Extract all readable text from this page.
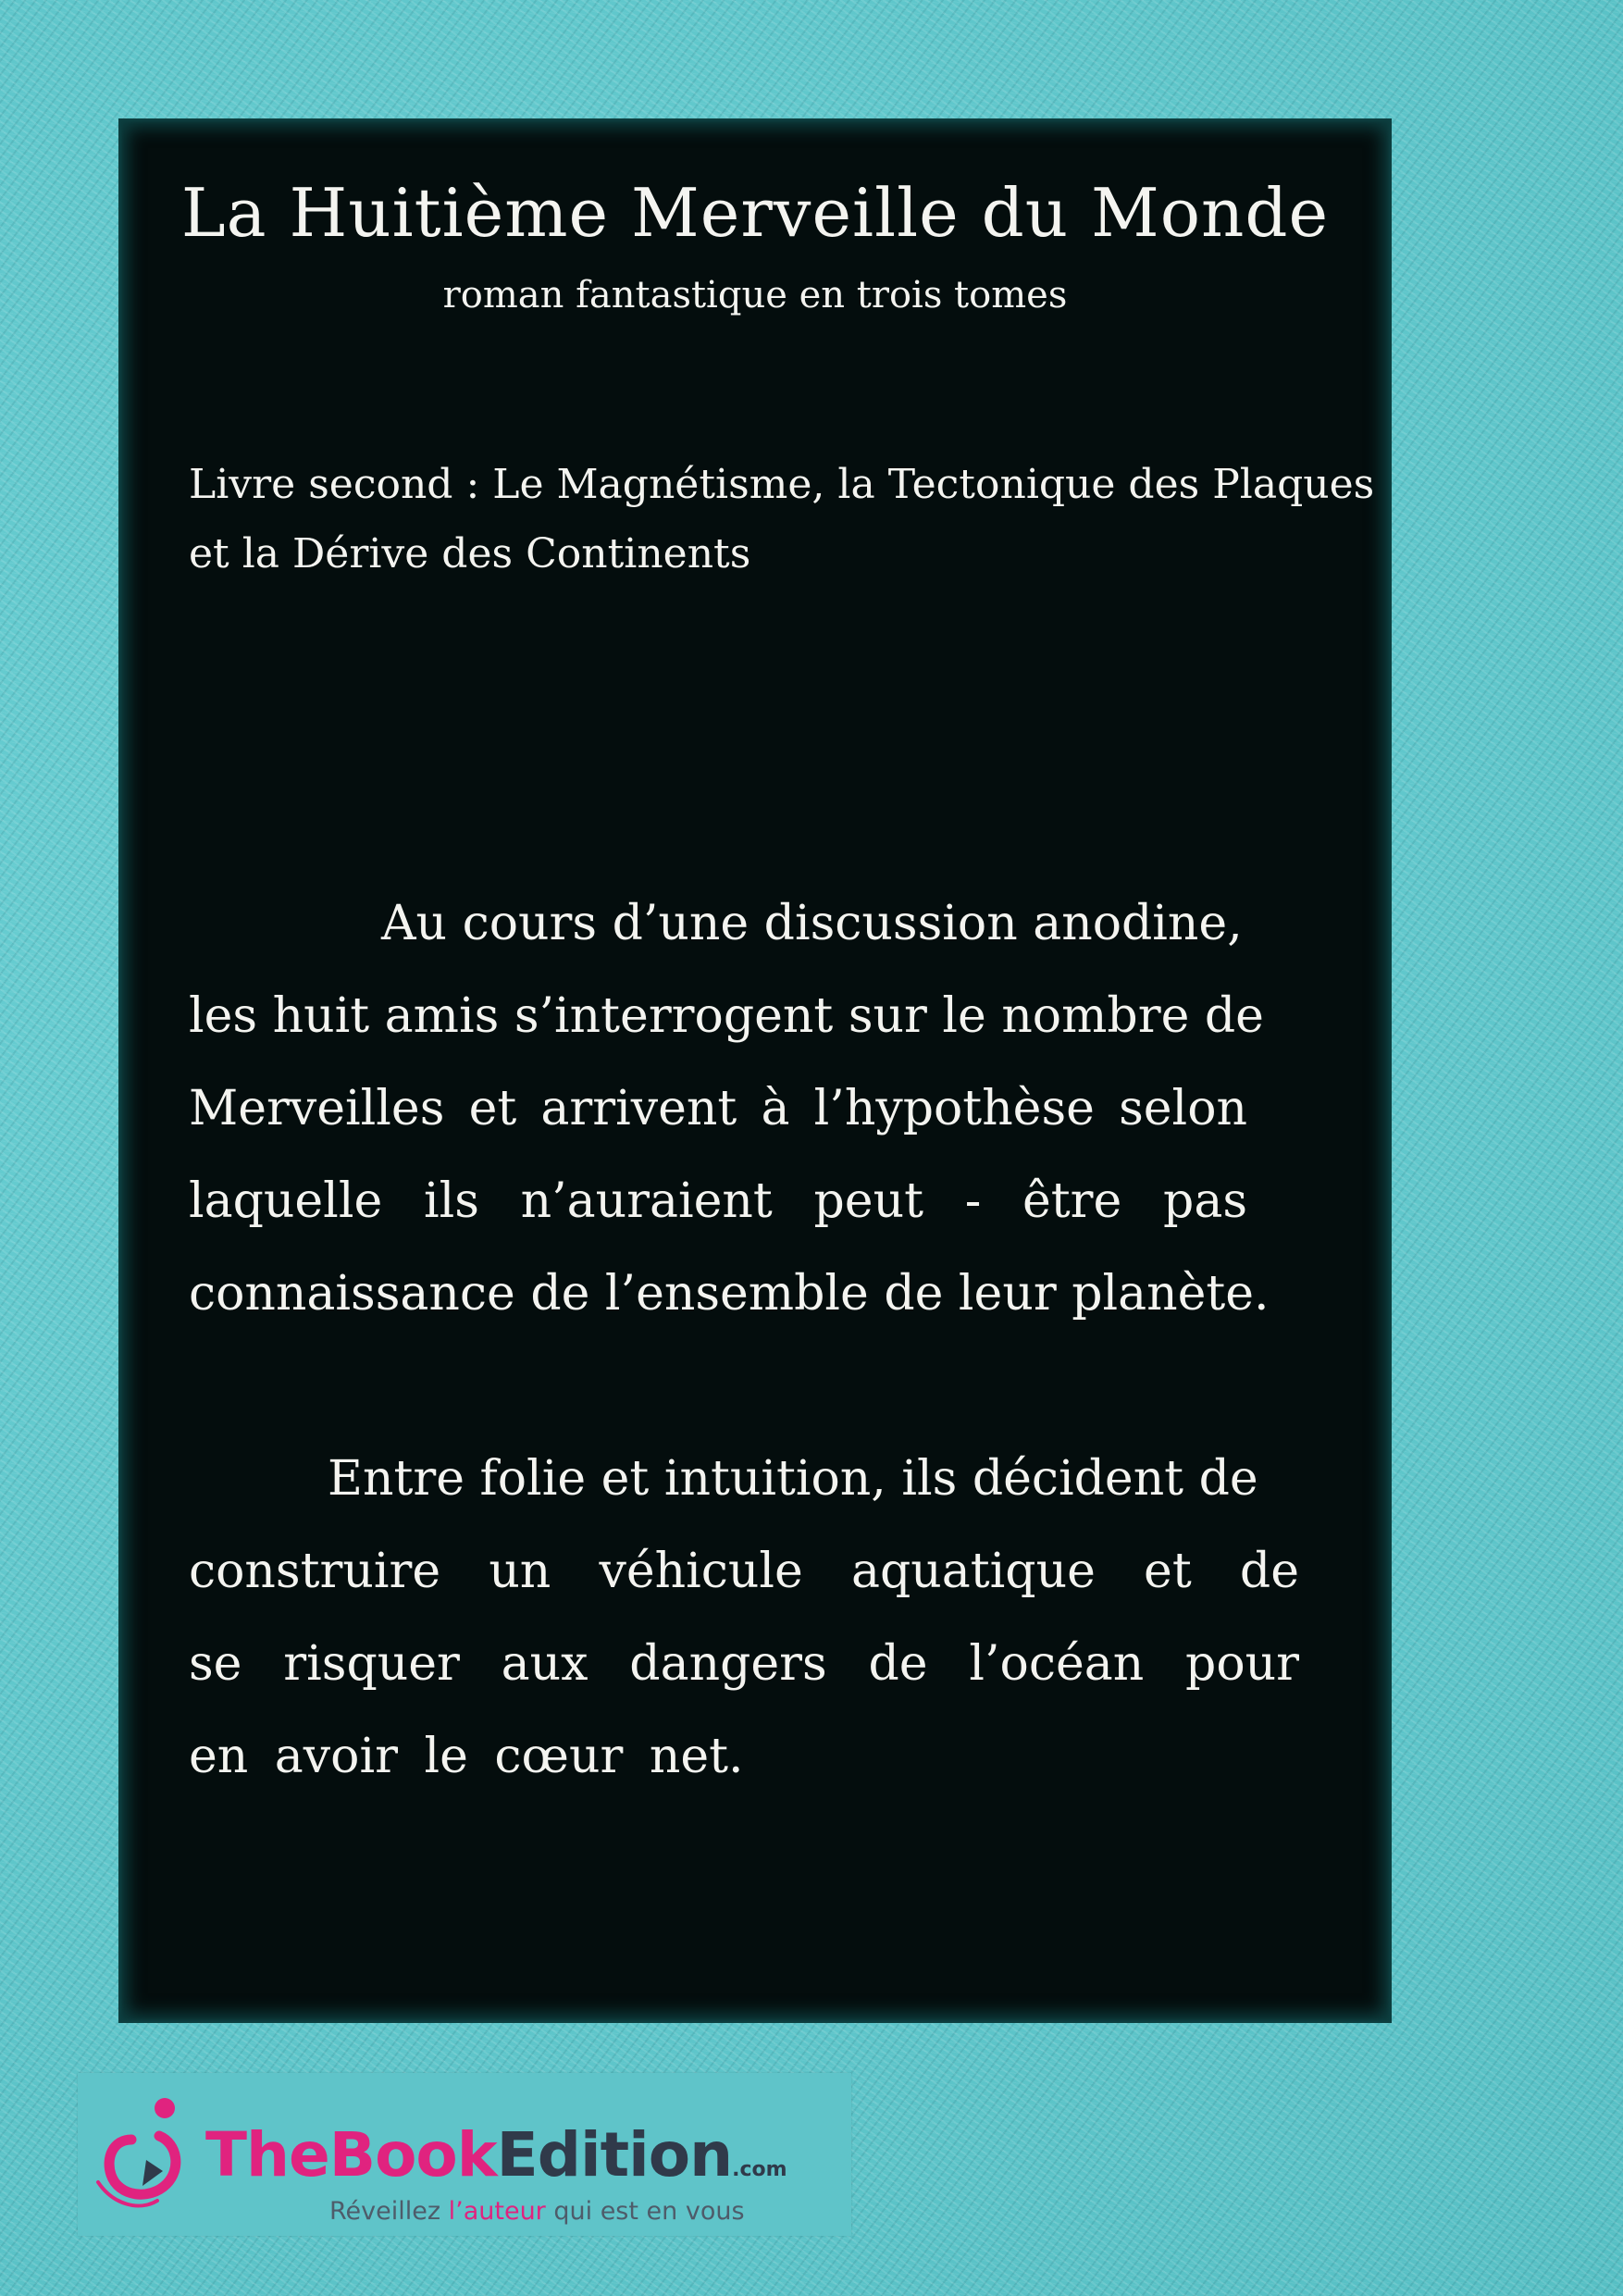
La Huitième Merveille du Monde
roman fantastique en trois tomes
Livre second : Le Magnétisme, la Tectonique des Plaques
et la Dérive des Continents
Au cours d’une discussion anodine,
les huit amis s’interrogent sur le nombre de
Merveilles et arrivent à l’hypothèse selon
laquelle ils n’auraient peut - être pas
connaissance de l’ensemble de leur planète.
Entre folie et intuition, ils décident de
construire un véhicule aquatique et de
se risquer aux dangers de l’océan pour
en avoir le cœur net.
TheBookEdition.com
Réveillez l’auteur qui est en vous
